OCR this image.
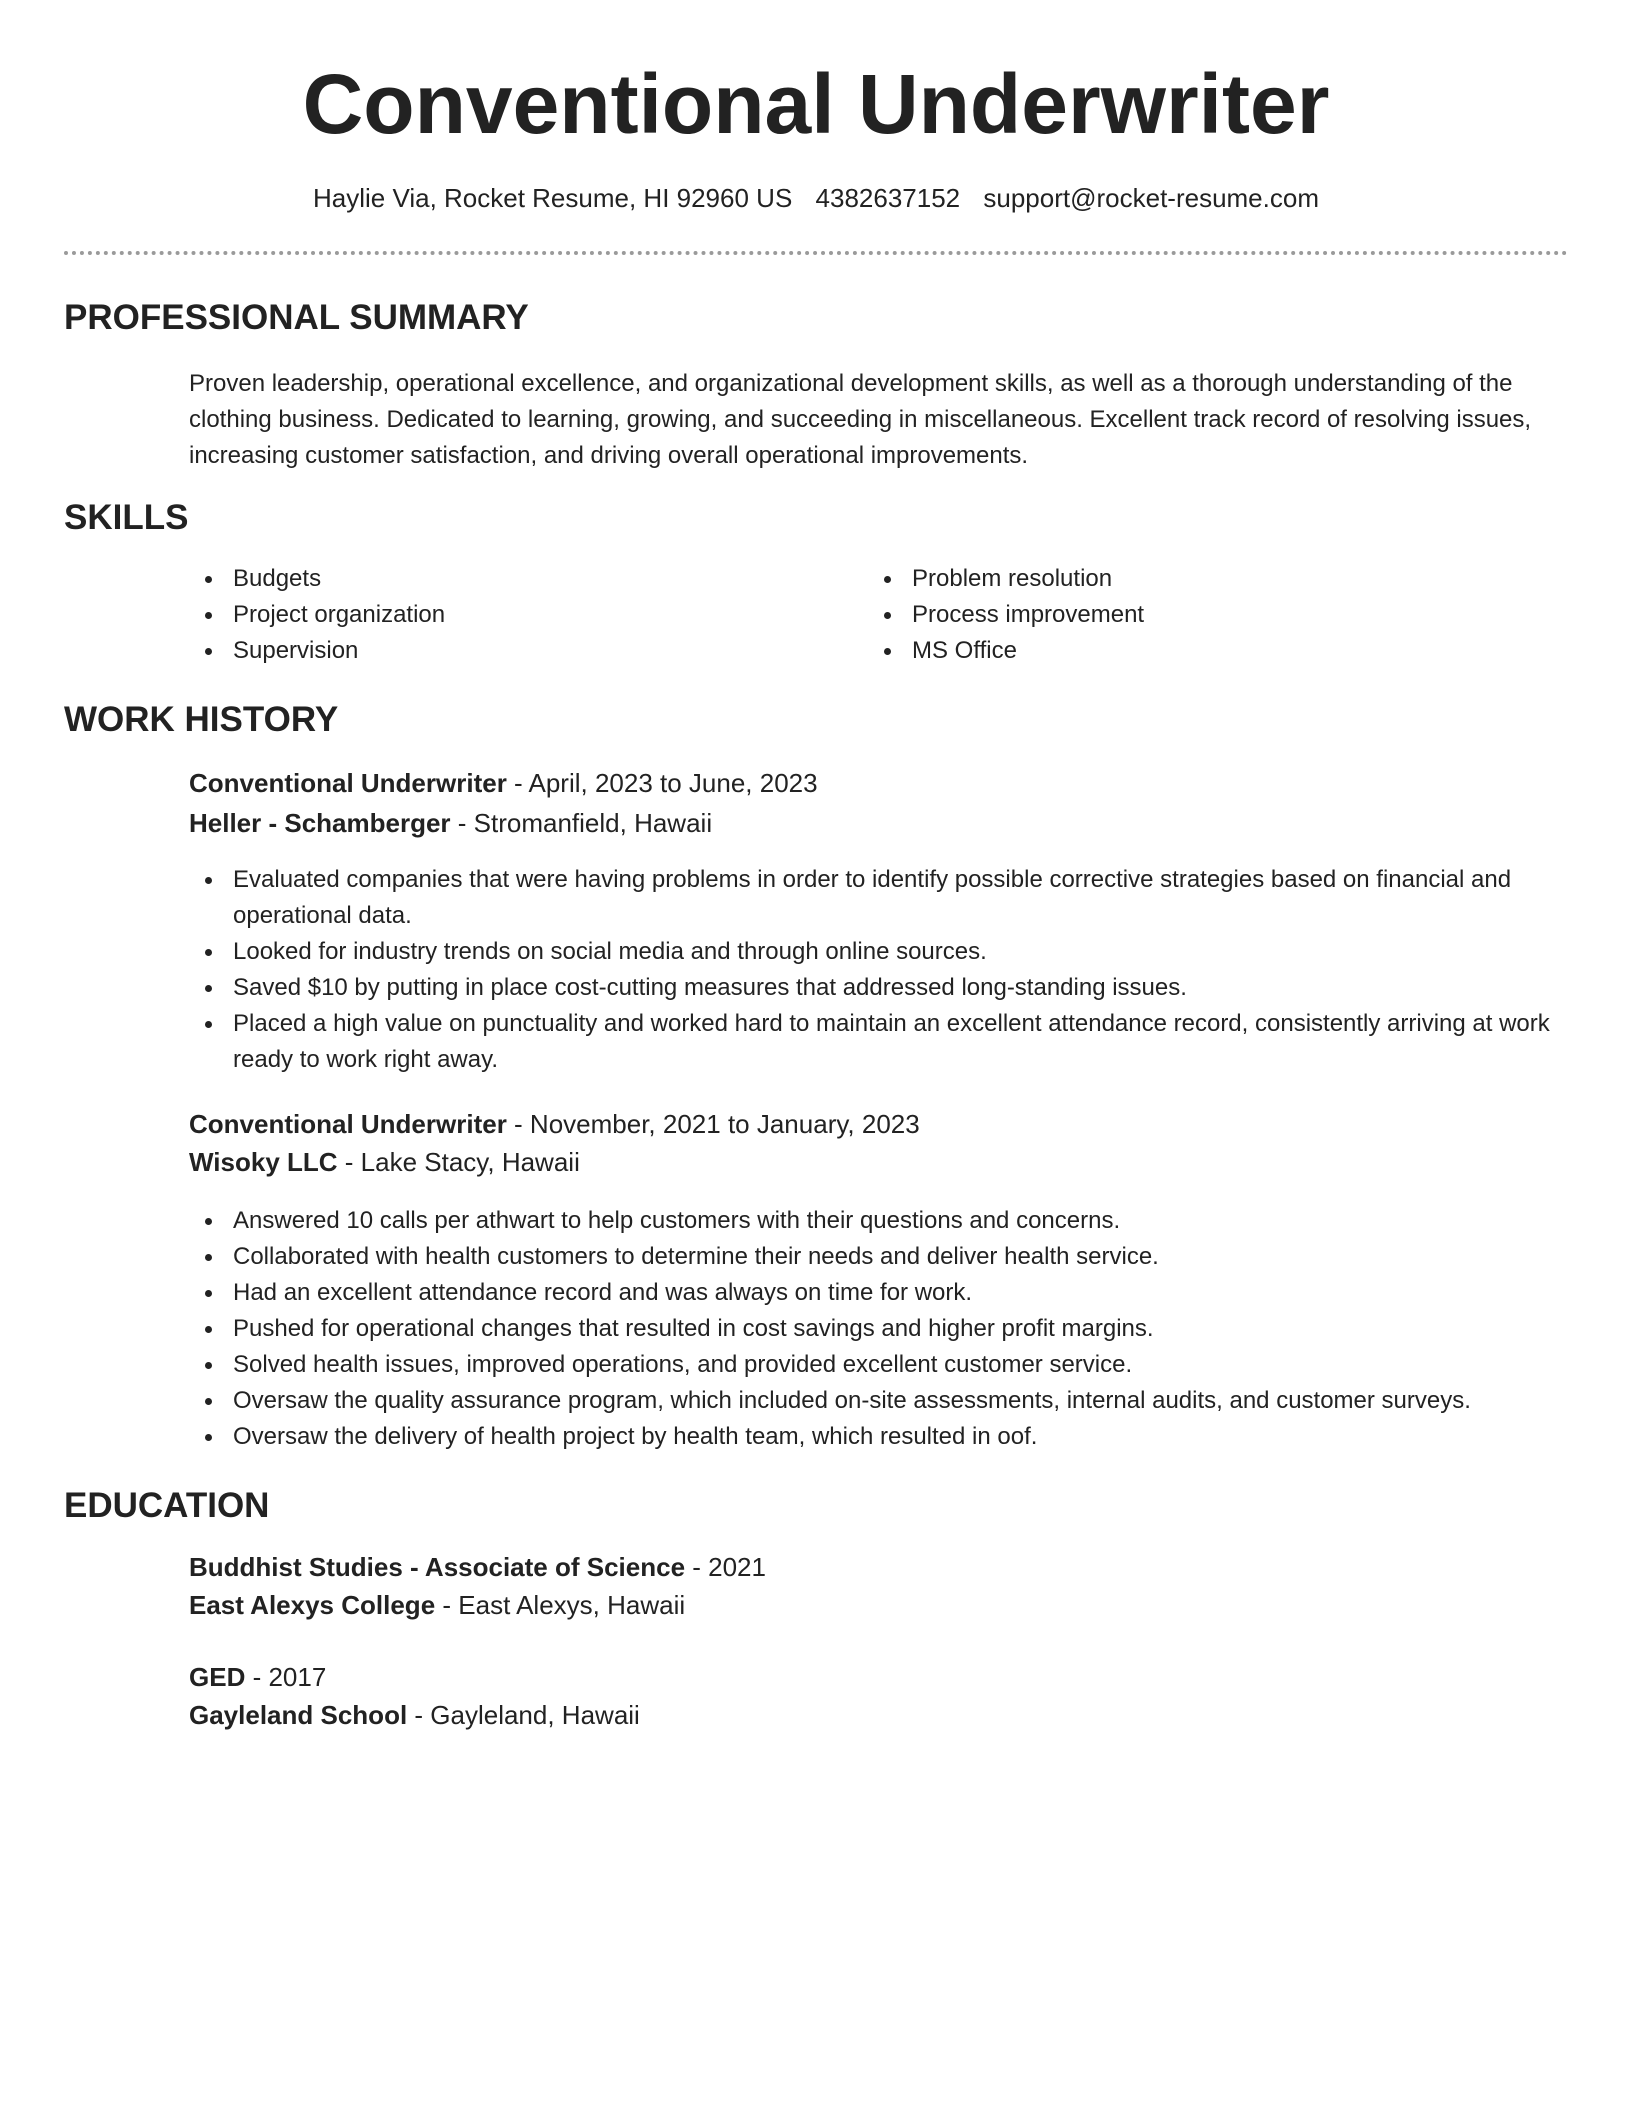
Conventional Underwriter
Haylie Via, Rocket Resume, HI 92960 US 4382637152 support@rocket-resume.com
PROFESSIONAL SUMMARY
Proven leadership, operational excellence, and organizational development skills, as well as a thorough understanding of the clothing business. Dedicated to learning, growing, and succeeding in miscellaneous. Excellent track record of resolving issues, increasing customer satisfaction, and driving overall operational improvements.
SKILLS
Budgets
Project organization
Supervision
Problem resolution
Process improvement
MS Office
WORK HISTORY
Conventional Underwriter - April, 2023 to June, 2023
Heller - Schamberger - Stromanfield, Hawaii
Evaluated companies that were having problems in order to identify possible corrective strategies based on financial and operational data.
Looked for industry trends on social media and through online sources.
Saved $10 by putting in place cost-cutting measures that addressed long-standing issues.
Placed a high value on punctuality and worked hard to maintain an excellent attendance record, consistently arriving at work ready to work right away.
Conventional Underwriter - November, 2021 to January, 2023
Wisoky LLC - Lake Stacy, Hawaii
Answered 10 calls per athwart to help customers with their questions and concerns.
Collaborated with health customers to determine their needs and deliver health service.
Had an excellent attendance record and was always on time for work.
Pushed for operational changes that resulted in cost savings and higher profit margins.
Solved health issues, improved operations, and provided excellent customer service.
Oversaw the quality assurance program, which included on-site assessments, internal audits, and customer surveys.
Oversaw the delivery of health project by health team, which resulted in oof.
EDUCATION
Buddhist Studies - Associate of Science - 2021
East Alexys College - East Alexys, Hawaii
GED - 2017
Gayleland School - Gayleland, Hawaii
